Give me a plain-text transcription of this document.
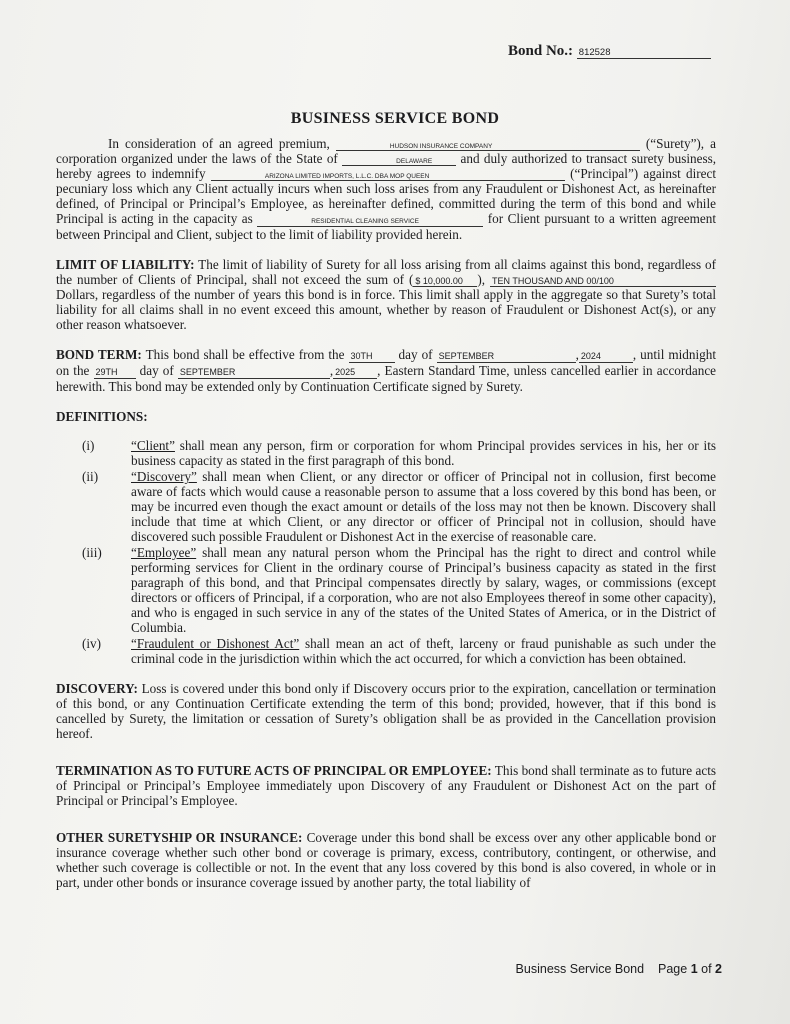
Bond No.: 812528
BUSINESS SERVICE BOND

In consideration of an agreed premium,	HUDSON INSURANCE COMPANY	(“Surety”), a corporation organized under the laws of the State of	DELAWARE and duly authorized to transact surety business, hereby agrees to indemnify	ARIZONA LIMITED IMPORTS, L.L.C. DBA MOP QUEEN	(“Principal”) against direct pecuniary loss which any Client actually incurs when such loss arises from any Fraudulent or Dishonest Act, as hereinafter defined, of Principal or Principal’s Employee, as hereinafter defined, committed during the term of this bond and while Principal is acting in the capacity as	RESIDENTIAL CLEANING SERVICE	for Client pursuant to a written agreement between Principal and Client, subject to the limit of liability provided herein.

LIMIT OF LIABILITY: The limit of liability of Surety for all loss arising from all claims against this bond, regardless of the number of Clients of Principal, shall not exceed the sum of ( $ 10,000.00 ), TEN THOUSAND AND 00/100 Dollars, regardless of the number of years this bond is in force. This limit shall apply in the aggregate so that Surety’s total liability for all claims shall in no event exceed this amount, whether by reason of Fraudulent or Dishonest Act(s), or any other reason whatsoever.

BOND TERM: This bond shall be effective from the 30TH day of SEPTEMBER	, 2024 , until midnight on the 29TH day of SEPTEMBER	, 2025 , Eastern Standard Time, unless cancelled earlier in accordance herewith. This bond may be extended only by Continuation Certificate signed by Surety.

DEFINITIONS:

(i)	“Client” shall mean any person, firm or corporation for whom Principal provides services in his, her or its business capacity as stated in the first paragraph of this bond.
(ii)	“Discovery” shall mean when Client, or any director or officer of Principal not in collusion, first become aware of facts which would cause a reasonable person to assume that a loss covered by this bond has been, or may be incurred even though the exact amount or details of the loss may not then be known. Discovery shall include that time at which Client, or any director or officer of Principal not in collusion, should have discovered such possible Fraudulent or Dishonest Act in the exercise of reasonable care.
(iii)	“Employee” shall mean any natural person whom the Principal has the right to direct and control while performing services for Client in the ordinary course of Principal’s business capacity as stated in the first paragraph of this bond, and that Principal compensates directly by salary, wages, or commissions (except directors or officers of Principal, if a corporation, who are not also Employees thereof in some other capacity), and who is engaged in such service in any of the states of the United States of America, or in the District of Columbia.
(iv)	“Fraudulent or Dishonest Act” shall mean an act of theft, larceny or fraud punishable as such under the criminal code in the jurisdiction within which the act occurred, for which a conviction has been obtained.

DISCOVERY: Loss is covered under this bond only if Discovery occurs prior to the expiration, cancellation or termination of this bond, or any Continuation Certificate extending the term of this bond; provided, however, that if this bond is cancelled by Surety, the limitation or cessation of Surety’s obligation shall be as provided in the Cancellation provision hereof.

TERMINATION AS TO FUTURE ACTS OF PRINCIPAL OR EMPLOYEE: This bond shall terminate as to future acts of Principal or Principal’s Employee immediately upon Discovery of any Fraudulent or Dishonest Act on the part of Principal or Principal’s Employee.

OTHER SURETYSHIP OR INSURANCE: Coverage under this bond shall be excess over any other applicable bond or insurance coverage whether such other bond or coverage is primary, excess, contributory, contingent, or otherwise, and whether such coverage is collectible or not. In the event that any loss covered by this bond is also covered, in whole or in part, under other bonds or insurance coverage issued by another party, the total liability of

Business Service Bond Page 1 of 2
